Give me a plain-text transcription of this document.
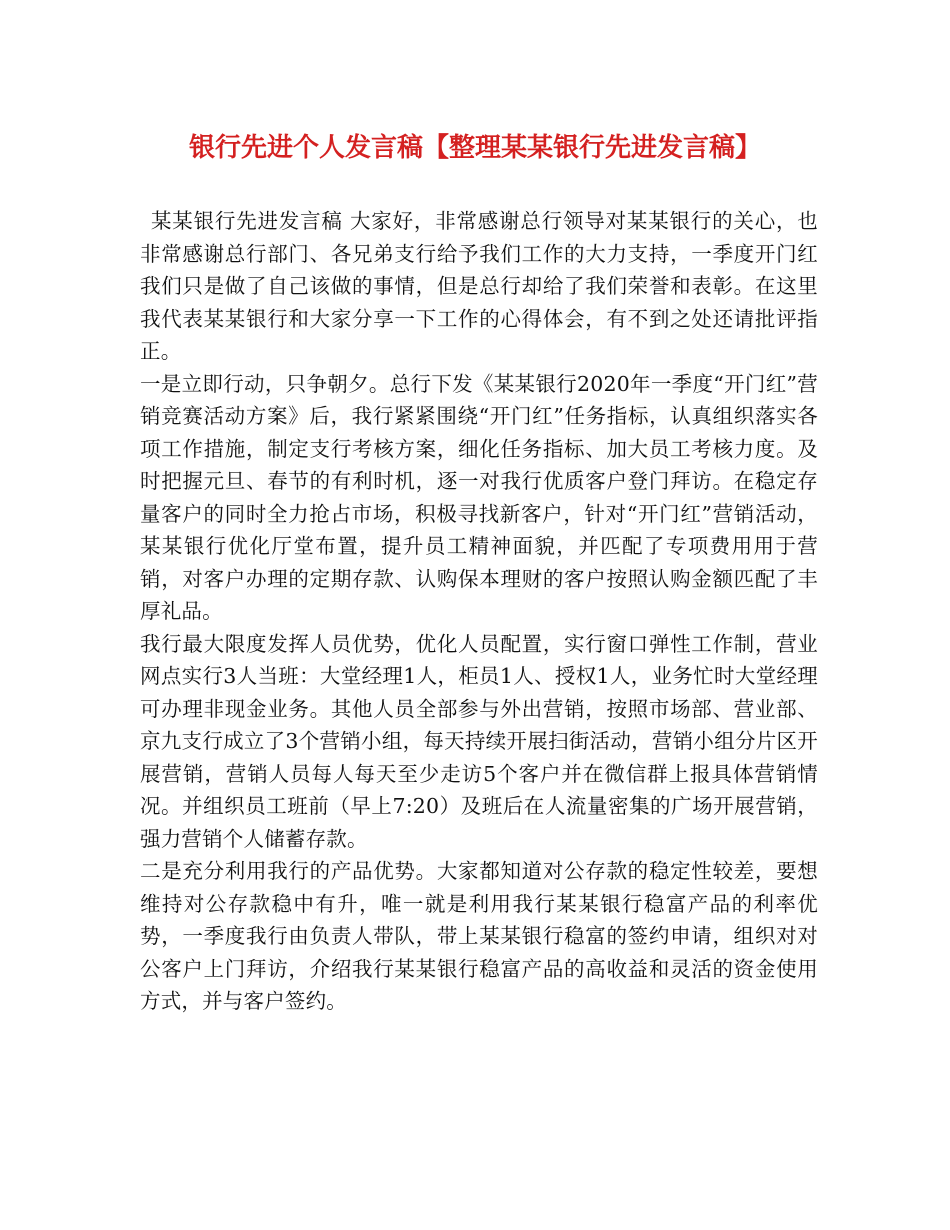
银行先进个人发言稿【整理某某银行先进发言稿】

某某银行先进发言稿 大家好，非常感谢总行领导对某某银行的关心，也非常感谢总行部门、各兄弟支行给予我们工作的大力支持，一季度开门红我们只是做了自己该做的事情，但是总行却给了我们荣誉和表彰。在这里我代表某某银行和大家分享一下工作的心得体会，有不到之处还请批评指正。

一是立即行动，只争朝夕。总行下发《某某银行2020年一季度“开门红”营销竞赛活动方案》后，我行紧紧围绕“开门红”任务指标，认真组织落实各项工作措施，制定支行考核方案，细化任务指标、加大员工考核力度。及时把握元旦、春节的有利时机，逐一对我行优质客户登门拜访。在稳定存量客户的同时全力抢占市场，积极寻找新客户，针对“开门红”营销活动，某某银行优化厅堂布置，提升员工精神面貌，并匹配了专项费用用于营销，对客户办理的定期存款、认购保本理财的客户按照认购金额匹配了丰厚礼品。

我行最大限度发挥人员优势，优化人员配置，实行窗口弹性工作制，营业网点实行3人当班：大堂经理1人，柜员1人、授权1人，业务忙时大堂经理可办理非现金业务。其他人员全部参与外出营销，按照市场部、营业部、京九支行成立了3个营销小组，每天持续开展扫街活动，营销小组分片区开展营销，营销人员每人每天至少走访5个客户并在微信群上报具体营销情况。并组织员工班前（早上7:20）及班后在人流量密集的广场开展营销，强力营销个人储蓄存款。

二是充分利用我行的产品优势。大家都知道对公存款的稳定性较差，要想维持对公存款稳中有升，唯一就是利用我行某某银行稳富产品的利率优势，一季度我行由负责人带队，带上某某银行稳富的签约申请，组织对对公客户上门拜访，介绍我行某某银行稳富产品的高收益和灵活的资金使用方式，并与客户签约。
